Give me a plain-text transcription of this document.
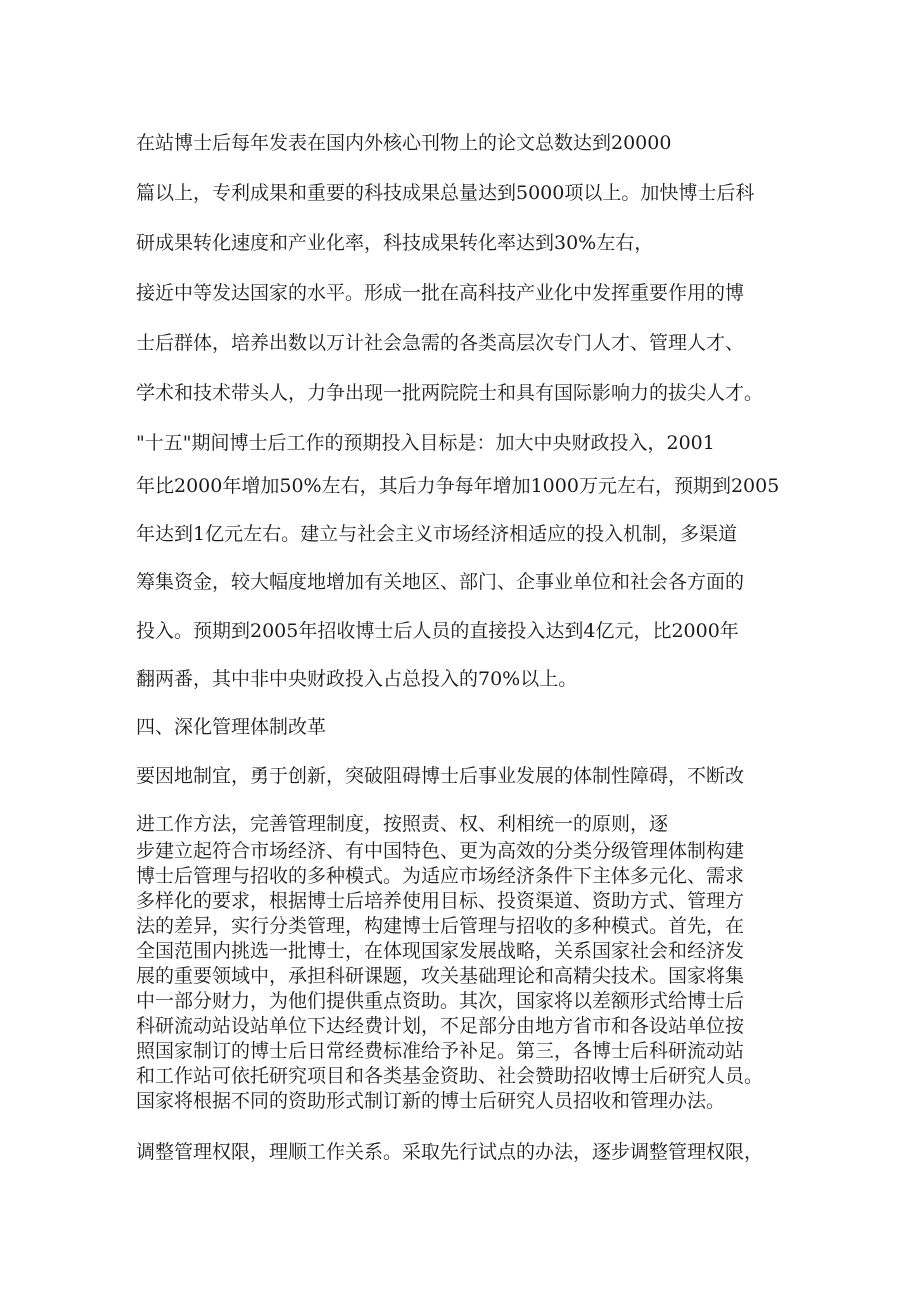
在站博士后每年发表在国内外核心刊物上的论文总数达到20000

篇以上，专利成果和重要的科技成果总量达到5000项以上。加快博士后科

研成果转化速度和产业化率，科技成果转化率达到30%左右，

接近中等发达国家的水平。形成一批在高科技产业化中发挥重要作用的博

士后群体，培养出数以万计社会急需的各类高层次专门人才、管理人才、

学术和技术带头人，力争出现一批两院院士和具有国际影响力的拔尖人才。

"十五"期间博士后工作的预期投入目标是：加大中央财政投入，2001

年比2000年增加50%左右，其后力争每年增加1000万元左右，预期到2005

年达到1亿元左右。建立与社会主义市场经济相适应的投入机制，多渠道

筹集资金，较大幅度地增加有关地区、部门、企事业单位和社会各方面的

投入。预期到2005年招收博士后人员的直接投入达到4亿元，比2000年

翻两番，其中非中央财政投入占总投入的70%以上。

四、深化管理体制改革

要因地制宜，勇于创新，突破阻碍博士后事业发展的体制性障碍，不断改

进工作方法，完善管理制度，按照责、权、利相统一的原则，逐

步建立起符合市场经济、有中国特色、更为高效的分类分级管理体制构建

博士后管理与招收的多种模式。为适应市场经济条件下主体多元化、需求

多样化的要求，根据博士后培养使用目标、投资渠道、资助方式、管理方

法的差异，实行分类管理，构建博士后管理与招收的多种模式。首先，在

全国范围内挑选一批博士，在体现国家发展战略，关系国家社会和经济发

展的重要领域中，承担科研课题，攻关基础理论和高精尖技术。国家将集

中一部分财力，为他们提供重点资助。其次，国家将以差额形式给博士后

科研流动站设站单位下达经费计划，不足部分由地方省市和各设站单位按

照国家制订的博士后日常经费标准给予补足。第三，各博士后科研流动站

和工作站可依托研究项目和各类基金资助、社会赞助招收博士后研究人员。

国家将根据不同的资助形式制订新的博士后研究人员招收和管理办法。

调整管理权限，理顺工作关系。采取先行试点的办法，逐步调整管理权限，
